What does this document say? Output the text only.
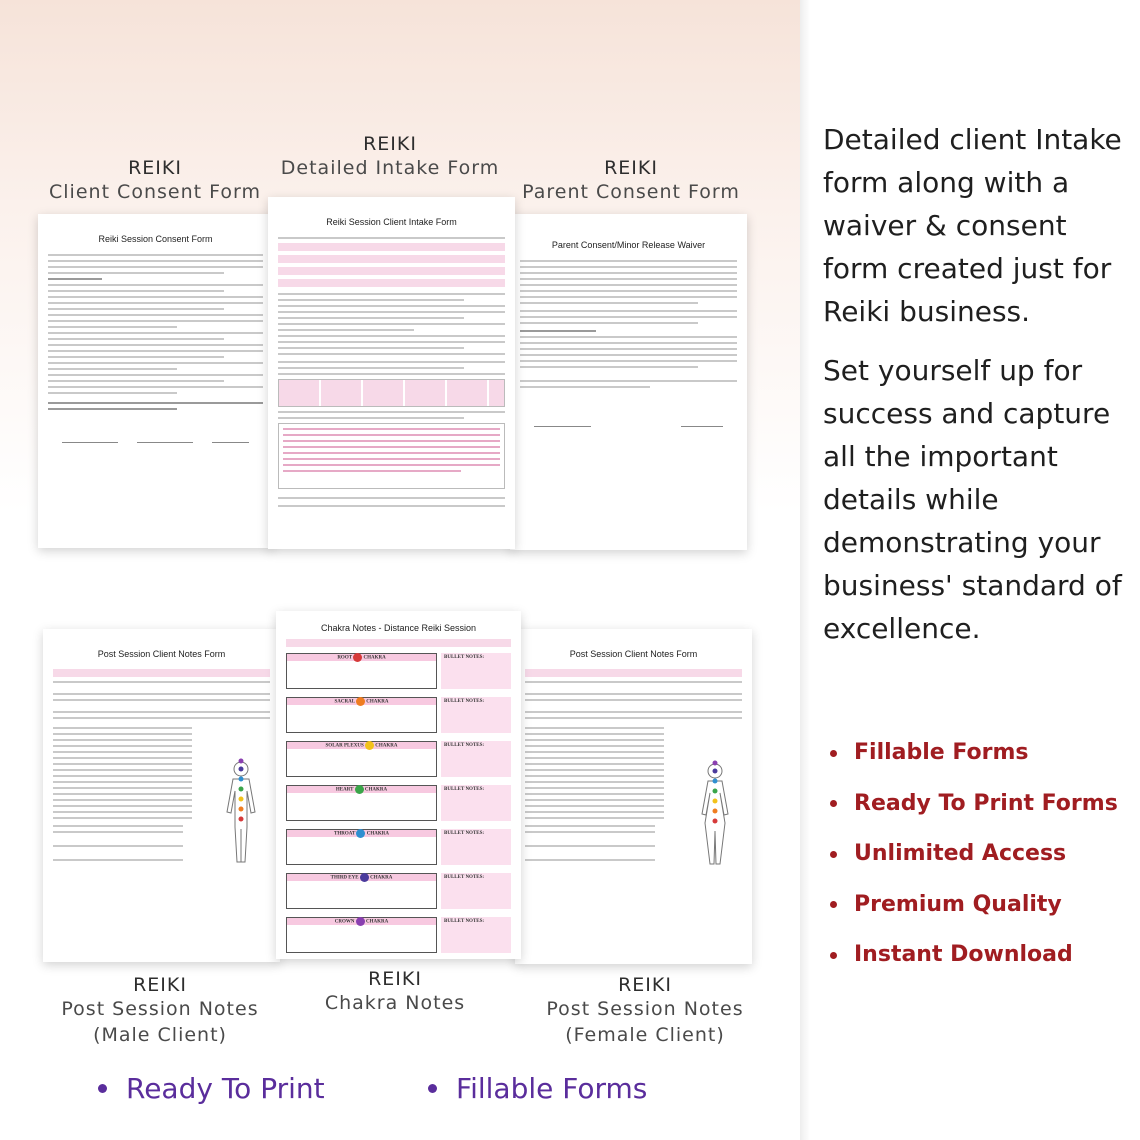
REIKI
Client Consent Form
REIKI
Detailed Intake Form	REIKI
Parent Consent Form
Reiki Session Consent Form
Reiki Session Client Intake Form
Parent Consent/Minor Release Waiver
Post Session Client Notes Form
Chakra Notes - Distance Reiki Session
ROOT CHAKRA	BULLET NOTES:
SACRAL CHAKRA	BULLET NOTES:
SOLAR PLEXUS CHAKRA	BULLET NOTES:
HEART CHAKRA	BULLET NOTES:
THROAT CHAKRA	BULLET NOTES:
THIRD EYE CHAKRA	BULLET NOTES:
CROWN CHAKRA	BULLET NOTES:
Post Session Client Notes Form
REIKI
Post Session Notes
(Male Client)
REIKI
Chakra Notes
REIKI
Post Session Notes
(Female Client)
Ready To Print	Fillable Forms

Detailed client Intake form along with a waiver & consent form created just for Reiki business.

Set yourself up for success and capture all the important details while demonstrating your business' standard of excellence.

Fillable Forms
Ready To Print Forms
Unlimited Access
Premium Quality
Instant Download
